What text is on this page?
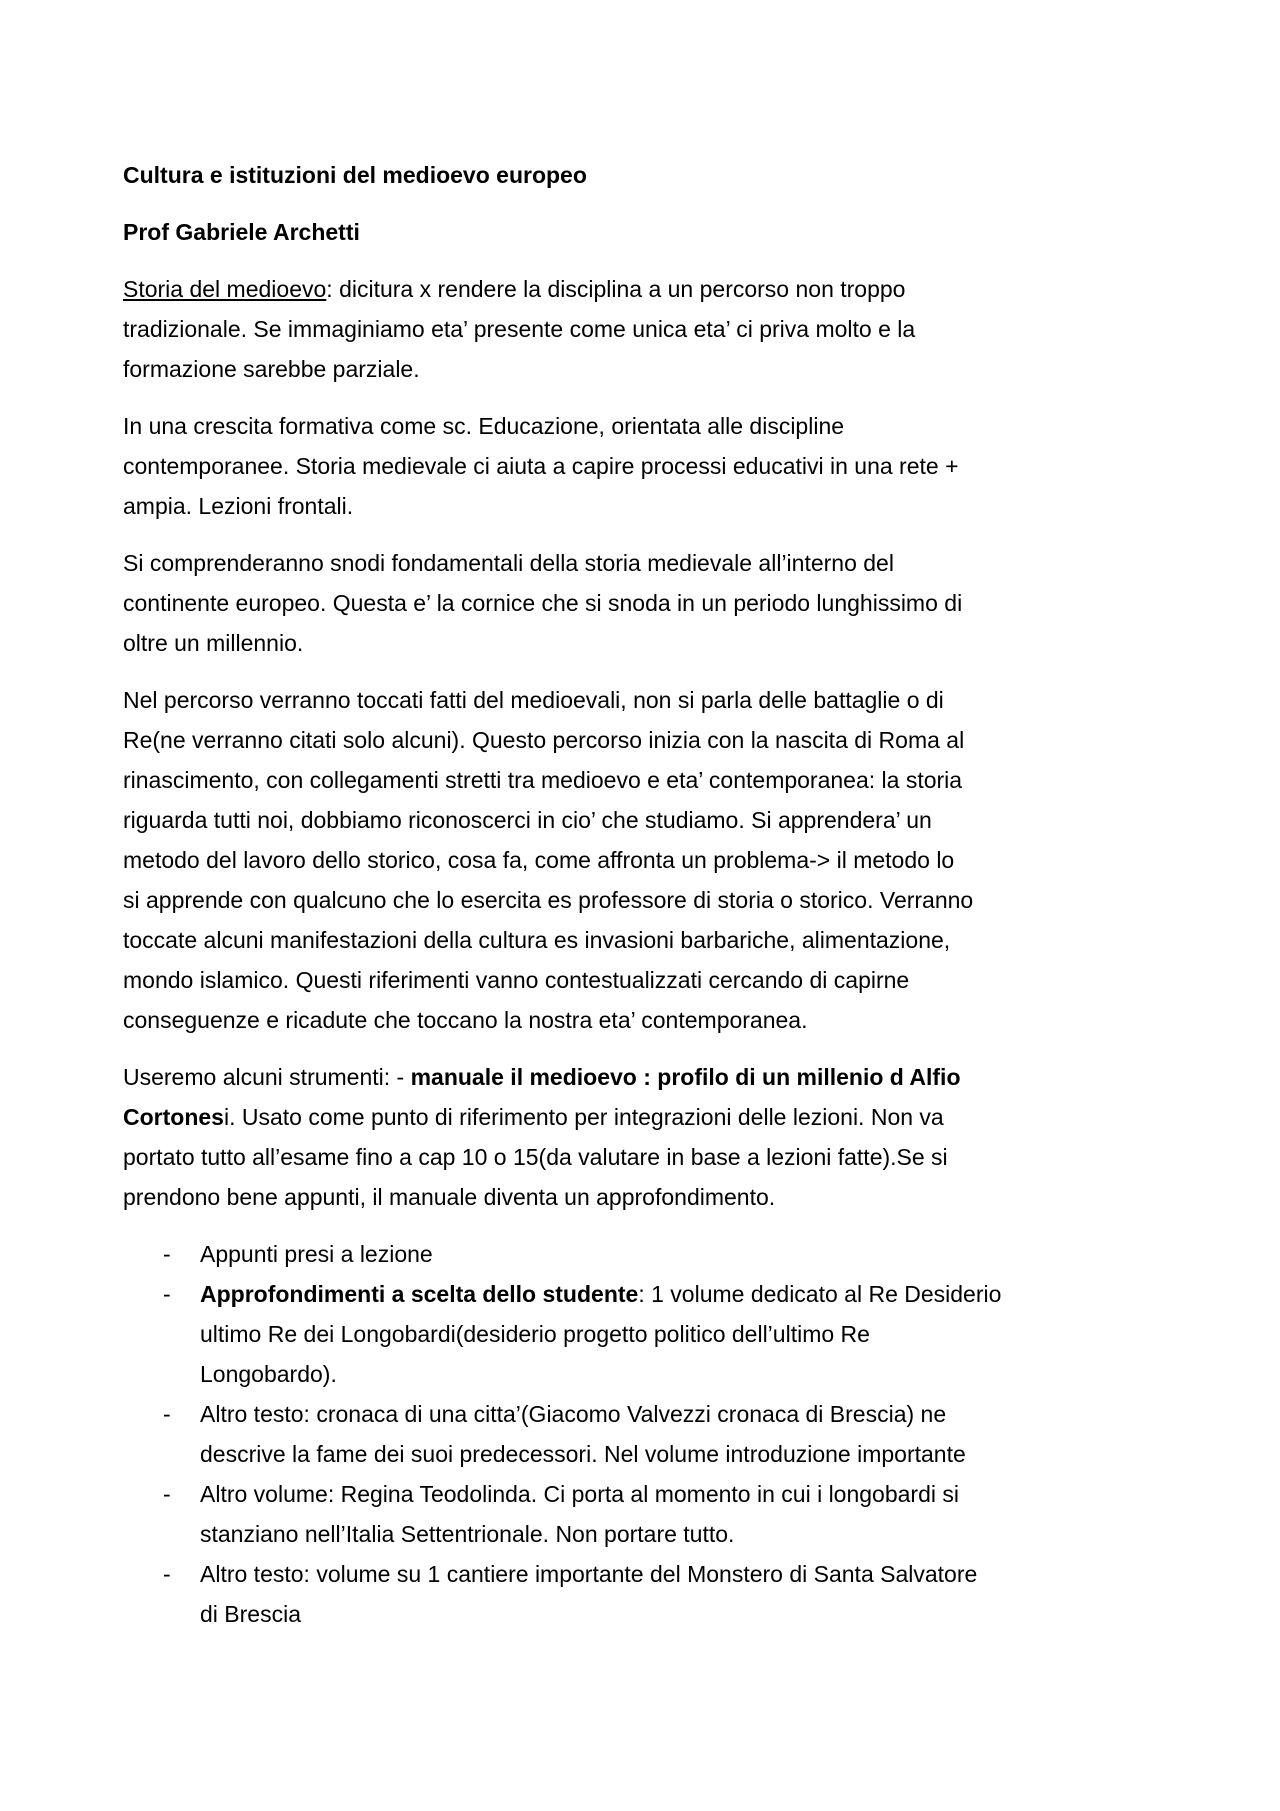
Cultura e istituzioni del medioevo europeo
Prof Gabriele Archetti
Storia del medioevo: dicitura x rendere la disciplina a un percorso non troppo
tradizionale. Se immaginiamo eta’ presente come unica eta’ ci priva molto e la
formazione sarebbe parziale.
In una crescita formativa come sc. Educazione, orientata alle discipline
contemporanee. Storia medievale ci aiuta a capire processi educativi in una rete +
ampia. Lezioni frontali.
Si comprenderanno snodi fondamentali della storia medievale all’interno del
continente europeo. Questa e’ la cornice che si snoda in un periodo lunghissimo di
oltre un millennio.
Nel percorso verranno toccati fatti del medioevali, non si parla delle battaglie o di
Re(ne verranno citati solo alcuni). Questo percorso inizia con la nascita di Roma al
rinascimento, con collegamenti stretti tra medioevo e eta’ contemporanea: la storia
riguarda tutti noi, dobbiamo riconoscerci in cio’ che studiamo. Si apprendera’ un
metodo del lavoro dello storico, cosa fa, come affronta un problema-> il metodo lo
si apprende con qualcuno che lo esercita es professore di storia o storico. Verranno
toccate alcuni manifestazioni della cultura es invasioni barbariche, alimentazione,
mondo islamico. Questi riferimenti vanno contestualizzati cercando di capirne
conseguenze e ricadute che toccano la nostra eta’ contemporanea.
Useremo alcuni strumenti: - manuale il medioevo : profilo di un millenio d Alfio
Cortonesi. Usato come punto di riferimento per integrazioni delle lezioni. Non va
portato tutto all’esame fino a cap 10 o 15(da valutare in base a lezioni fatte).Se si
prendono bene appunti, il manuale diventa un approfondimento.
- Appunti presi a lezione
- Approfondimenti a scelta dello studente: 1 volume dedicato al Re Desiderio
ultimo Re dei Longobardi(desiderio progetto politico dell’ultimo Re
Longobardo).
- Altro testo: cronaca di una citta’(Giacomo Valvezzi cronaca di Brescia) ne
descrive la fame dei suoi predecessori. Nel volume introduzione importante
- Altro volume: Regina Teodolinda. Ci porta al momento in cui i longobardi si
stanziano nell’Italia Settentrionale. Non portare tutto.
- Altro testo: volume su 1 cantiere importante del Monstero di Santa Salvatore
di Brescia
